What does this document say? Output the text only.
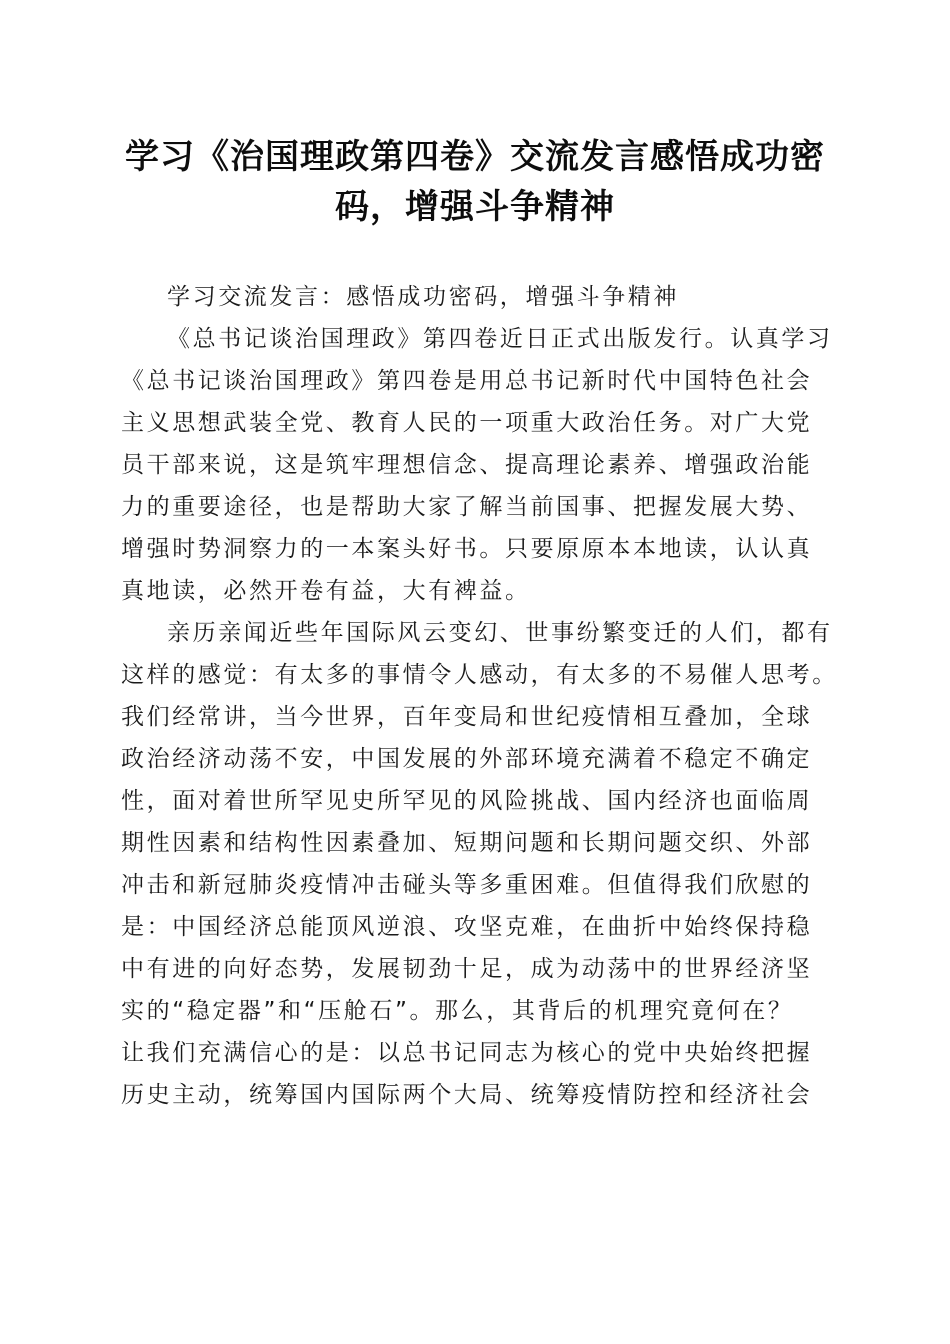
学习《治国理政第四卷》交流发言感悟成功密
码，增强斗争精神

学习交流发言：感悟成功密码，增强斗争精神

《总书记谈治国理政》第四卷近日正式出版发行。认真学习
《总书记谈治国理政》第四卷是用总书记新时代中国特色社会
主义思想武装全党、教育人民的一项重大政治任务。对广大党
员干部来说，这是筑牢理想信念、提高理论素养、增强政治能
力的重要途径，也是帮助大家了解当前国事、把握发展大势、
增强时势洞察力的一本案头好书。只要原原本本地读，认认真
真地读，必然开卷有益，大有裨益。

亲历亲闻近些年国际风云变幻、世事纷繁变迁的人们，都有
这样的感觉：有太多的事情令人感动，有太多的不易催人思考。
我们经常讲，当今世界，百年变局和世纪疫情相互叠加，全球
政治经济动荡不安，中国发展的外部环境充满着不稳定不确定
性，面对着世所罕见史所罕见的风险挑战、国内经济也面临周
期性因素和结构性因素叠加、短期问题和长期问题交织、外部
冲击和新冠肺炎疫情冲击碰头等多重困难。但值得我们欣慰的
是：中国经济总能顶风逆浪、攻坚克难，在曲折中始终保持稳
中有进的向好态势，发展韧劲十足，成为动荡中的世界经济坚
实的“稳定器”和“压舱石”。那么，其背后的机理究竟何在？
让我们充满信心的是：以总书记同志为核心的党中央始终把握
历史主动，统筹国内国际两个大局、统筹疫情防控和经济社会
